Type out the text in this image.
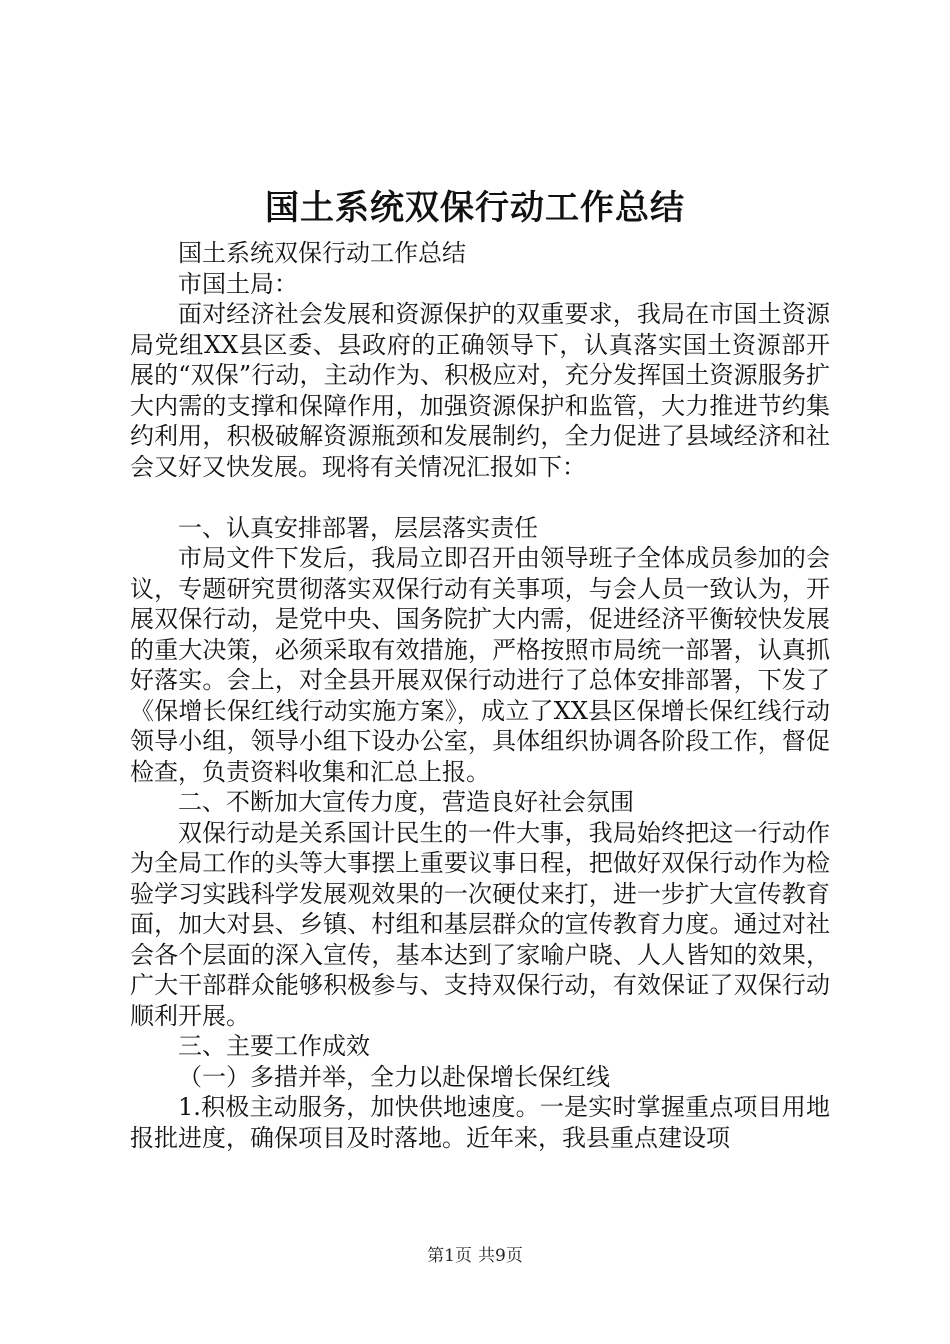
国土系统双保行动工作总结

国土系统双保行动工作总结

市国土局：

面对经济社会发展和资源保护的双重要求，我局在市国土资源局党组XX县区委、县政府的正确领导下，认真落实国土资源部开展的“双保”行动，主动作为、积极应对，充分发挥国土资源服务扩大内需的支撑和保障作用，加强资源保护和监管，大力推进节约集约利用，积极破解资源瓶颈和发展制约，全力促进了县域经济和社会又好又快发展。现将有关情况汇报如下：

一、认真安排部署，层层落实责任

市局文件下发后，我局立即召开由领导班子全体成员参加的会议，专题研究贯彻落实双保行动有关事项，与会人员一致认为，开展双保行动，是党中央、国务院扩大内需，促进经济平衡较快发展的重大决策，必须采取有效措施，严格按照市局统一部署，认真抓好落实。会上，对全县开展双保行动进行了总体安排部署，下发了《保增长保红线行动实施方案》，成立了XX县区保增长保红线行动领导小组，领导小组下设办公室，具体组织协调各阶段工作，督促检查，负责资料收集和汇总上报。

二、不断加大宣传力度，营造良好社会氛围

双保行动是关系国计民生的一件大事，我局始终把这一行动作为全局工作的头等大事摆上重要议事日程，把做好双保行动作为检验学习实践科学发展观效果的一次硬仗来打，进一步扩大宣传教育面，加大对县、乡镇、村组和基层群众的宣传教育力度。通过对社会各个层面的深入宣传，基本达到了家喻户晓、人人皆知的效果，广大干部群众能够积极参与、支持双保行动，有效保证了双保行动顺利开展。

三、主要工作成效

（一）多措并举，全力以赴保增长保红线

1.积极主动服务，加快供地速度。一是实时掌握重点项目用地报批进度，确保项目及时落地。近年来，我县重点建设项

第1页 共9页
